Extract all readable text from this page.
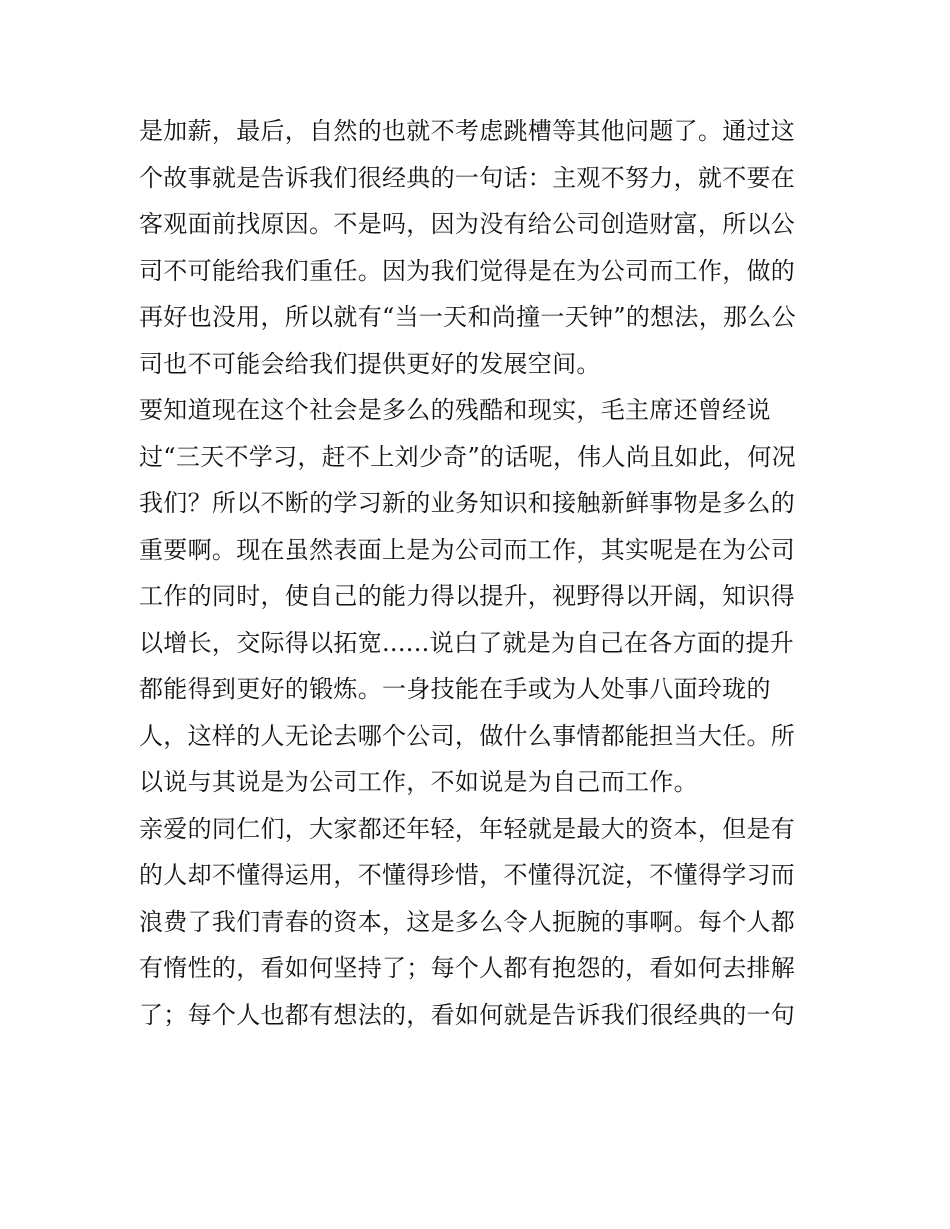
是加薪，最后，自然的也就不考虑跳槽等其他问题了。通过这
个故事就是告诉我们很经典的一句话：主观不努力，就不要在
客观面前找原因。不是吗，因为没有给公司创造财富，所以公
司不可能给我们重任。因为我们觉得是在为公司而工作，做的
再好也没用，所以就有“当一天和尚撞一天钟”的想法，那么公
司也不可能会给我们提供更好的发展空间。
要知道现在这个社会是多么的残酷和现实，毛主席还曾经说
过“三天不学习，赶不上刘少奇”的话呢，伟人尚且如此，何况
我们？所以不断的学习新的业务知识和接触新鲜事物是多么的
重要啊。现在虽然表面上是为公司而工作，其实呢是在为公司
工作的同时，使自己的能力得以提升，视野得以开阔，知识得
以增长，交际得以拓宽......说白了就是为自己在各方面的提升
都能得到更好的锻炼。一身技能在手或为人处事八面玲珑的
人，这样的人无论去哪个公司，做什么事情都能担当大任。所
以说与其说是为公司工作，不如说是为自己而工作。
亲爱的同仁们，大家都还年轻，年轻就是最大的资本，但是有
的人却不懂得运用，不懂得珍惜，不懂得沉淀，不懂得学习而
浪费了我们青春的资本，这是多么令人扼腕的事啊。每个人都
有惰性的，看如何坚持了；每个人都有抱怨的，看如何去排解
了；每个人也都有想法的，看如何就是告诉我们很经典的一句
